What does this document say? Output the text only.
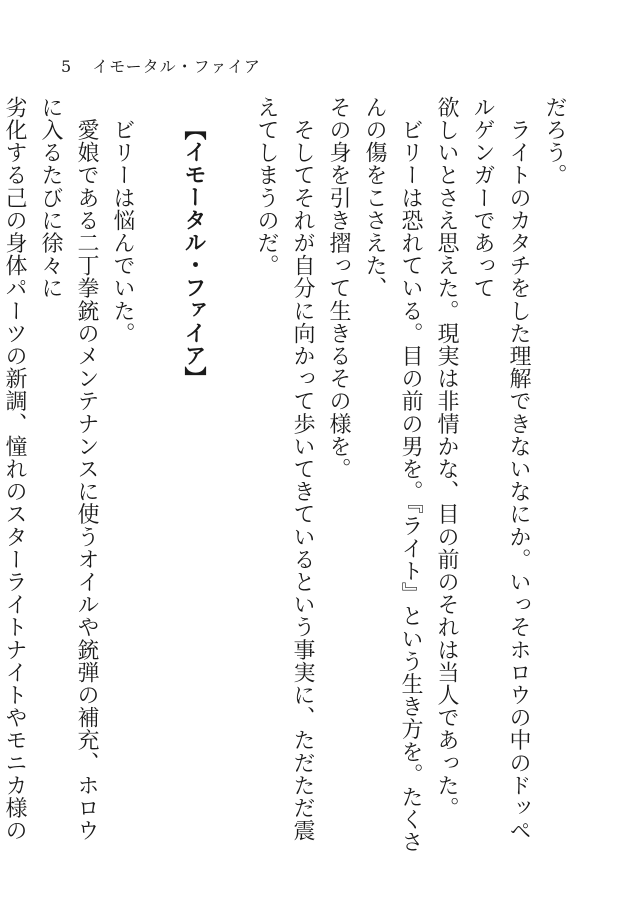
5 イモータル・ファイア

だろう。

　ライトのカタチをした理解できないなにか。いっそホロウの中のドッペルゲンガーであって

欲しいとさえ思えた。現実は非情かな、目の前のそれは当人であった。

　ビリーは恐れている。目の前の男を。『ライト』という生き方を。たくさんの傷をこさえた、

その身を引き摺って生きるその様を。

　そしてそれが自分に向かって歩いてきているという事実に、ただただ震えてしまうのだ。

【イモータル・ファイア】

　ビリーは悩んでいた。

　愛娘である二丁拳銃のメンテナンスに使うオイルや銃弾の補充、ホロウに入るたびに徐々に

劣化する己の身体パーツの新調、憧れのスターライトナイトやモニカ様の
